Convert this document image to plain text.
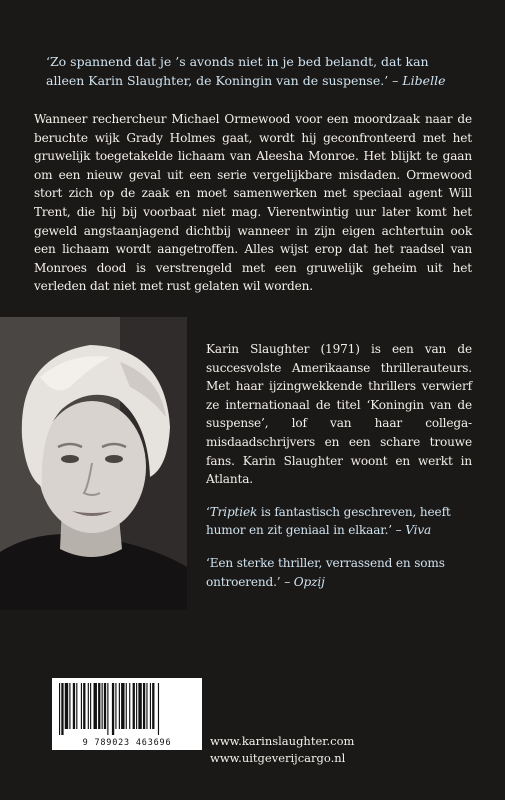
‘Zo spannend dat je ’s avonds niet in je bed belandt, dat kan alleen Karin Slaughter, de Koningin van de suspense.’ – Libelle
Wanneer rechercheur Michael Ormewood voor een moordzaak naar de beruchte wijk Grady Holmes gaat, wordt hij geconfronteerd met het gruwelijk toegetakelde lichaam van Aleesha Monroe. Het blijkt te gaan om een nieuw geval uit een serie vergelijkbare misdaden. Ormewood stort zich op de zaak en moet samenwerken met speciaal agent Will Trent, die hij bij voorbaat niet mag. Vierentwintig uur later komt het geweld angstaanjagend dichtbij wanneer in zijn eigen achtertuin ook een lichaam wordt aangetroffen. Alles wijst erop dat het raadsel van Monroes dood is verstrengeld met een gruwelijk geheim uit het verleden dat niet met rust gelaten wil worden.

Karin Slaughter (1971) is een van de succesvolste Amerikaanse thrillerauteurs. Met haar ijzingwekkende thrillers verwierf ze internationaal de titel ‘Koningin van de suspense’, lof van haar collega-misdaadschrijvers en een schare trouwe fans. Karin Slaughter woont en werkt in Atlanta.

‘Triptiek is fantastisch geschreven, heeft humor en zit geniaal in elkaar.’ – Viva

‘Een sterke thriller, verrassend en soms ontroerend.’ – Opzij

9 789023 463696	www.karinslaughter.com
www.uitgeverijcargo.nl
